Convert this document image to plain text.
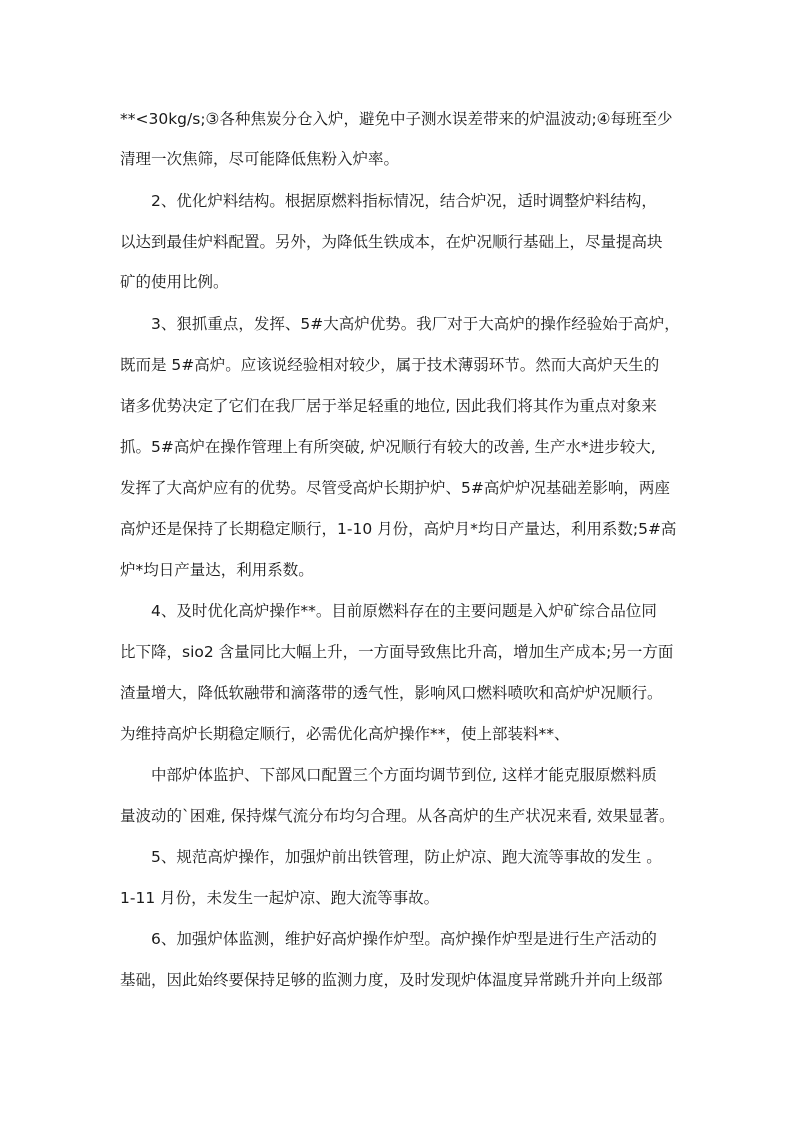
**<30kg/s;③各种焦炭分仓入炉，避免中子测水误差带来的炉温波动;④每班至少
清理一次焦筛，尽可能降低焦粉入炉率。
2、优化炉料结构。根据原燃料指标情况，结合炉况，适时调整炉料结构，
以达到最佳炉料配置。另外，为降低生铁成本，在炉况顺行基础上，尽量提高块
矿的使用比例。
3、狠抓重点，发挥、5#大高炉优势。我厂对于大高炉的操作经验始于高炉，
既而是 5#高炉。应该说经验相对较少，属于技术薄弱环节。然而大高炉天生的
诸多优势决定了它们在我厂居于举足轻重的地位, 因此我们将其作为重点对象来
抓。5#高炉在操作管理上有所突破, 炉况顺行有较大的改善, 生产水*进步较大,
发挥了大高炉应有的优势。尽管受高炉长期护炉、5#高炉炉况基础差影响，两座
高炉还是保持了长期稳定顺行，1-10 月份，高炉月*均日产量达，利用系数;5#高
炉*均日产量达，利用系数。
4、及时优化高炉操作**。目前原燃料存在的主要问题是入炉矿综合品位同
比下降，sio2 含量同比大幅上升，一方面导致焦比升高，增加生产成本;另一方面
渣量增大，降低软融带和滴落带的透气性，影响风口燃料喷吹和高炉炉况顺行。
为维持高炉长期稳定顺行，必需优化高炉操作**，使上部装料**、
中部炉体监护、下部风口配置三个方面均调节到位, 这样才能克服原燃料质
量波动的`困难, 保持煤气流分布均匀合理。从各高炉的生产状况来看, 效果显著。
5、规范高炉操作，加强炉前出铁管理，防止炉凉、跑大流等事故的发生 。
1-11 月份，未发生一起炉凉、跑大流等事故。
6、加强炉体监测，维护好高炉操作炉型。高炉操作炉型是进行生产活动的
基础，因此始终要保持足够的监测力度，及时发现炉体温度异常跳升并向上级部
